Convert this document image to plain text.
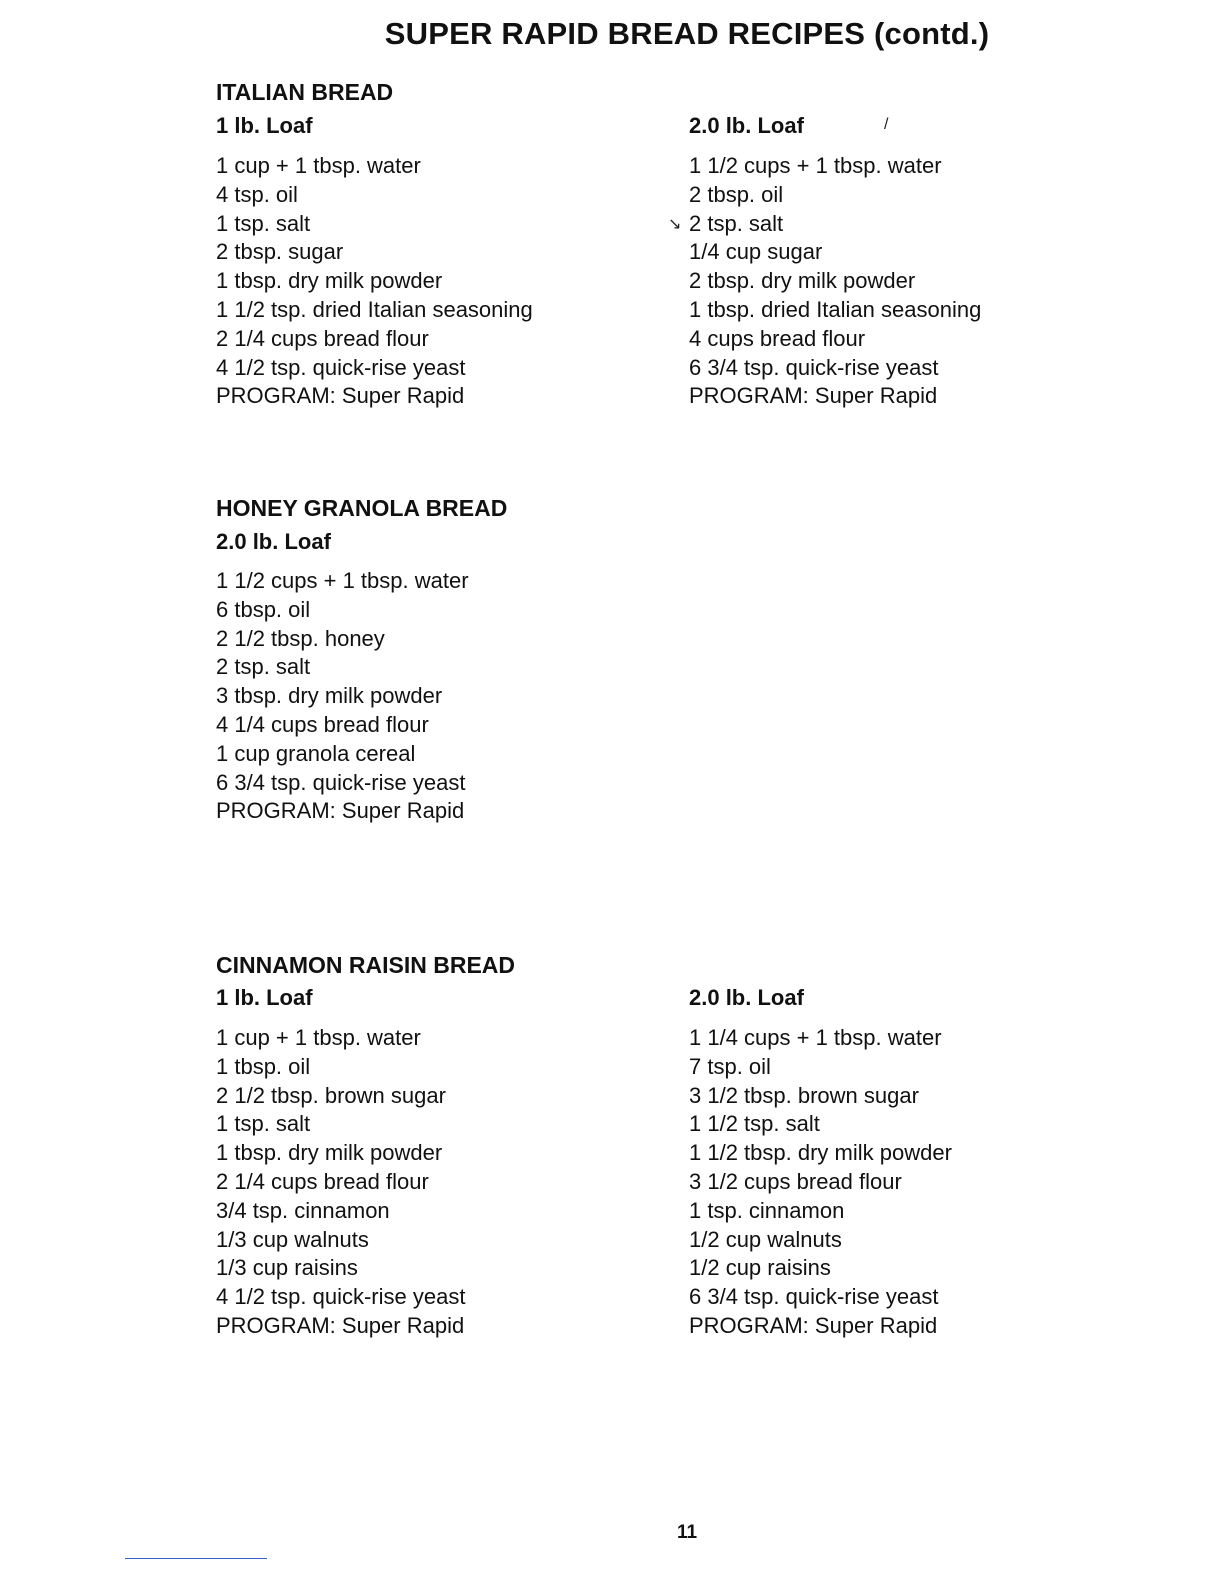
SUPER RAPID BREAD RECIPES (contd.)
ITALIAN BREAD
1 lb. Loaf
1 cup + 1 tbsp. water
4 tsp. oil
1 tsp. salt
2 tbsp. sugar
1 tbsp. dry milk powder
1 1/2 tsp. dried Italian seasoning
2 1/4 cups bread flour
4 1/2 tsp. quick-rise yeast
PROGRAM: Super Rapid
2.0 lb. Loaf
1 1/2 cups + 1 tbsp. water
2 tbsp. oil
2 tsp. salt
1/4 cup sugar
2 tbsp. dry milk powder
1 tbsp. dried Italian seasoning
4 cups bread flour
6 3/4 tsp. quick-rise yeast
PROGRAM: Super Rapid
HONEY GRANOLA BREAD
2.0 lb. Loaf
1 1/2 cups + 1 tbsp. water
6 tbsp. oil
2 1/2 tbsp. honey
2 tsp. salt
3 tbsp. dry milk powder
4 1/4 cups bread flour
1 cup granola cereal
6 3/4 tsp. quick-rise yeast
PROGRAM: Super Rapid
CINNAMON RAISIN BREAD
1 lb. Loaf
1 cup + 1 tbsp. water
1 tbsp. oil
2 1/2 tbsp. brown sugar
1 tsp. salt
1 tbsp. dry milk powder
2 1/4 cups bread flour
3/4 tsp. cinnamon
1/3 cup walnuts
1/3 cup raisins
4 1/2 tsp. quick-rise yeast
PROGRAM: Super Rapid
2.0 lb. Loaf
1 1/4 cups + 1 tbsp. water
7 tsp. oil
3 1/2 tbsp. brown sugar
1 1/2 tsp. salt
1 1/2 tbsp. dry milk powder
3 1/2 cups bread flour
1 tsp. cinnamon
1/2 cup walnuts
1/2 cup raisins
6 3/4 tsp. quick-rise yeast
PROGRAM: Super Rapid
/
↘
11
